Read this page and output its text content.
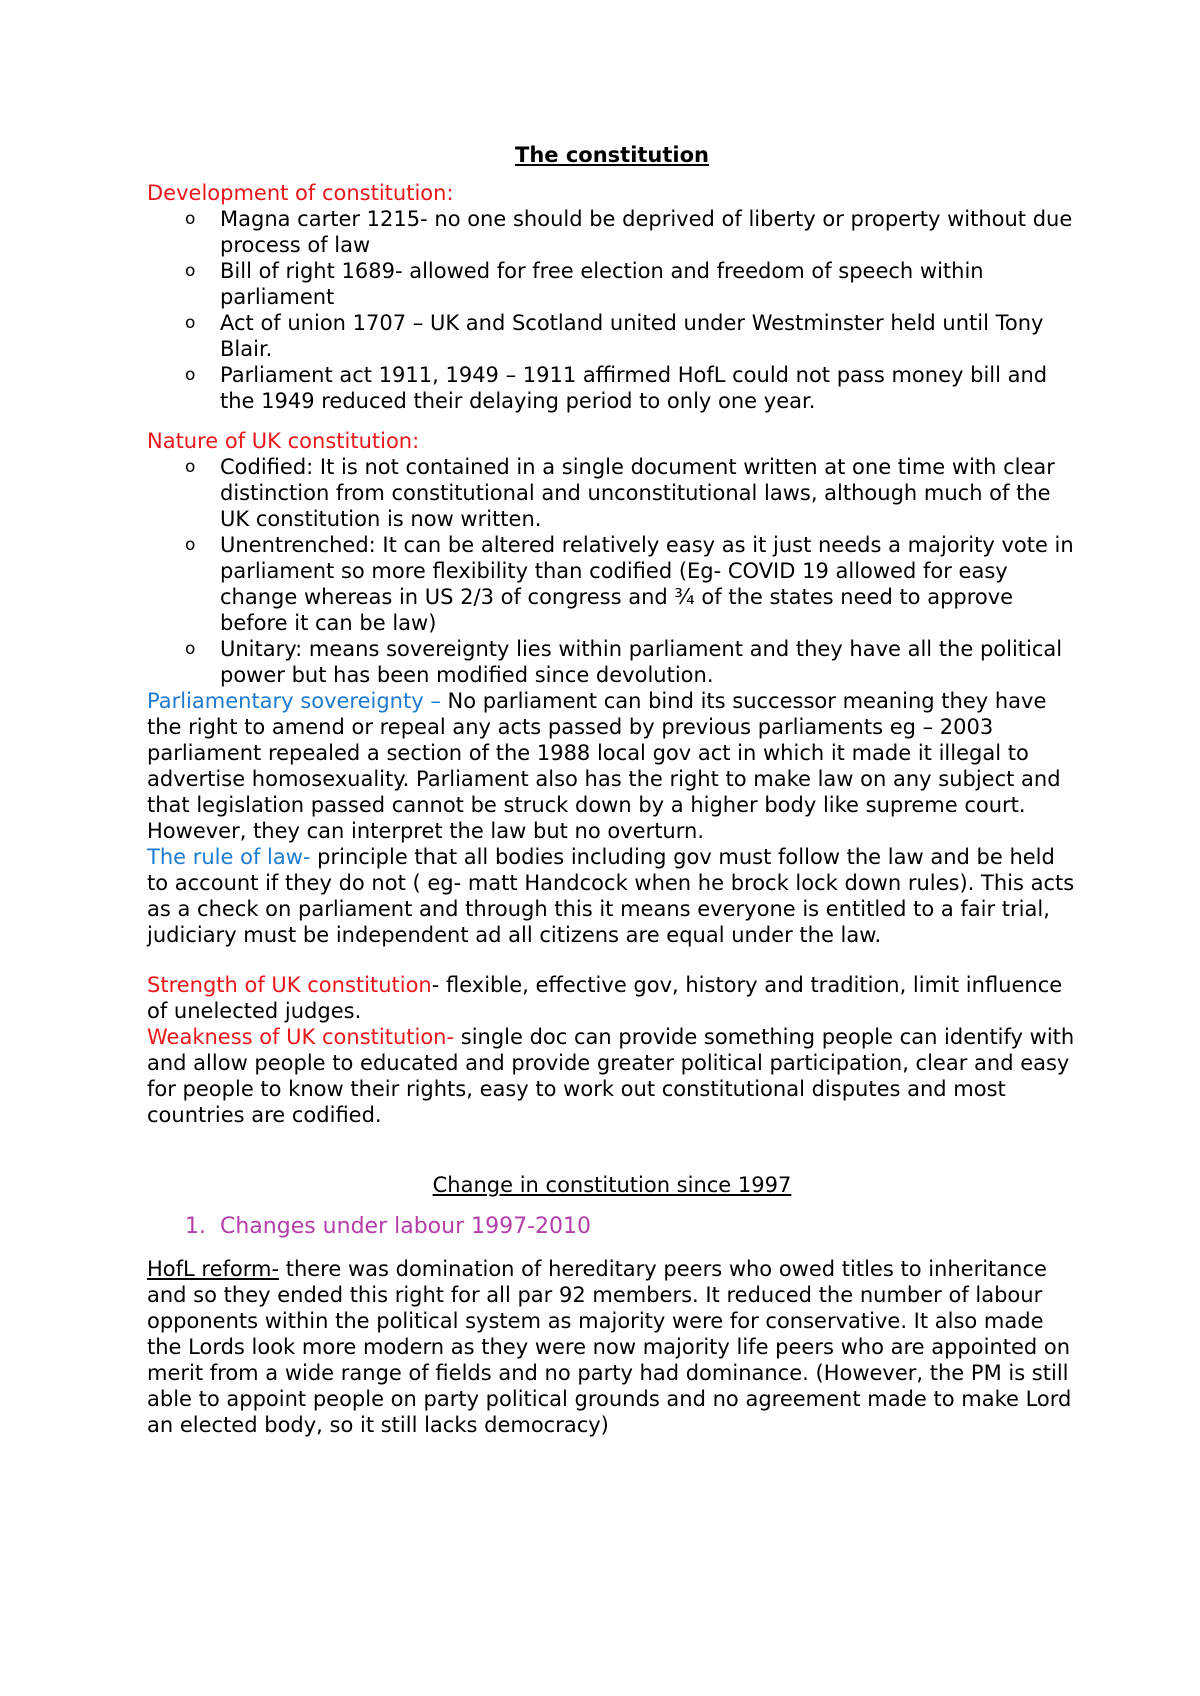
The constitution

Development of constitution:

o Magna carter 1215- no one should be deprived of liberty or property without due process of law
o Bill of right 1689- allowed for free election and freedom of speech within parliament
o Act of union 1707 – UK and Scotland united under Westminster held until Tony Blair.
o Parliament act 1911, 1949 – 1911 affirmed HofL could not pass money bill and the 1949 reduced their delaying period to only one year.

Nature of UK constitution:

o Codified: It is not contained in a single document written at one time with clear distinction from constitutional and unconstitutional laws, although much of the UK constitution is now written.
o Unentrenched: It can be altered relatively easy as it just needs a majority vote in parliament so more flexibility than codified (Eg- COVID 19 allowed for easy change whereas in US 2/3 of congress and ¾ of the states need to approve before it can be law)
o Unitary: means sovereignty lies within parliament and they have all the political power but has been modified since devolution.

Parliamentary sovereignty – No parliament can bind its successor meaning they have the right to amend or repeal any acts passed by previous parliaments eg – 2003 parliament repealed a section of the 1988 local gov act in which it made it illegal to advertise homosexuality. Parliament also has the right to make law on any subject and that legislation passed cannot be struck down by a higher body like supreme court. However, they can interpret the law but no overturn.

The rule of law- principle that all bodies including gov must follow the law and be held to account if they do not ( eg- matt Handcock when he brock lock down rules). This acts as a check on parliament and through this it means everyone is entitled to a fair trial, judiciary must be independent ad all citizens are equal under the law.

Strength of UK constitution- flexible, effective gov, history and tradition, limit influence of unelected judges.

Weakness of UK constitution- single doc can provide something people can identify with and allow people to educated and provide greater political participation, clear and easy for people to know their rights, easy to work out constitutional disputes and most countries are codified.

Change in constitution since 1997

1. Changes under labour 1997-2010

HofL reform- there was domination of hereditary peers who owed titles to inheritance and so they ended this right for all par 92 members. It reduced the number of labour opponents within the political system as majority were for conservative. It also made the Lords look more modern as they were now majority life peers who are appointed on merit from a wide range of fields and no party had dominance. (However, the PM is still able to appoint people on party political grounds and no agreement made to make Lord an elected body, so it still lacks democracy)
